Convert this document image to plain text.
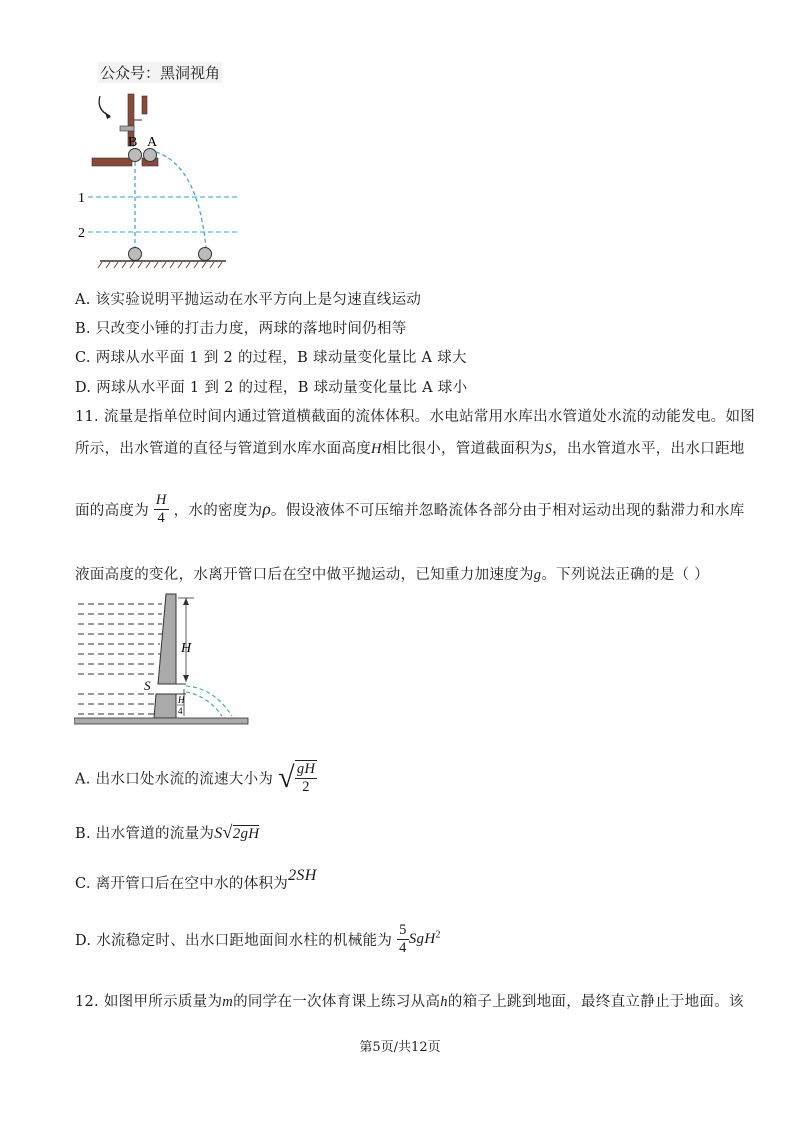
公众号：黑洞视角
B A
1
2
A. 该实验说明平抛运动在水平方向上是匀速直线运动
B. 只改变小锤的打击力度，两球的落地时间仍相等
C. 两球从水平面 1 到 2 的过程，B 球动量变化量比 A 球大
D. 两球从水平面 1 到 2 的过程，B 球动量变化量比 A 球小
11. 流量是指单位时间内通过管道横截面的流体体积。水电站常用水库出水管道处水流的动能发电。如图
所示，出水管道的直径与管道到水库水面高度H相比很小，管道截面积为S，出水管道水平，出水口距地
面的高度为 $\frac{H}{4}$ ，水的密度为ρ。假设液体不可压缩并忽略流体各部分由于相对运动出现的黏滞力和水库
液面高度的变化，水离开管口后在空中做平抛运动，已知重力加速度为g。下列说法正确的是（ ）
H
S
H
4
A. 出水口处水流的流速大小为 √ $\frac{gH}{2}$
B. 出水管道的流量为S√2gH
C. 离开管口后在空中水的体积为2SH
D. 水流稳定时、出水口距地面间水柱的机械能为 $\frac{5}{4} SgH^2$
12. 如图甲所示质量为m的同学在一次体育课上练习从高h的箱子上跳到地面，最终直立静止于地面。该
第5页/共12页
